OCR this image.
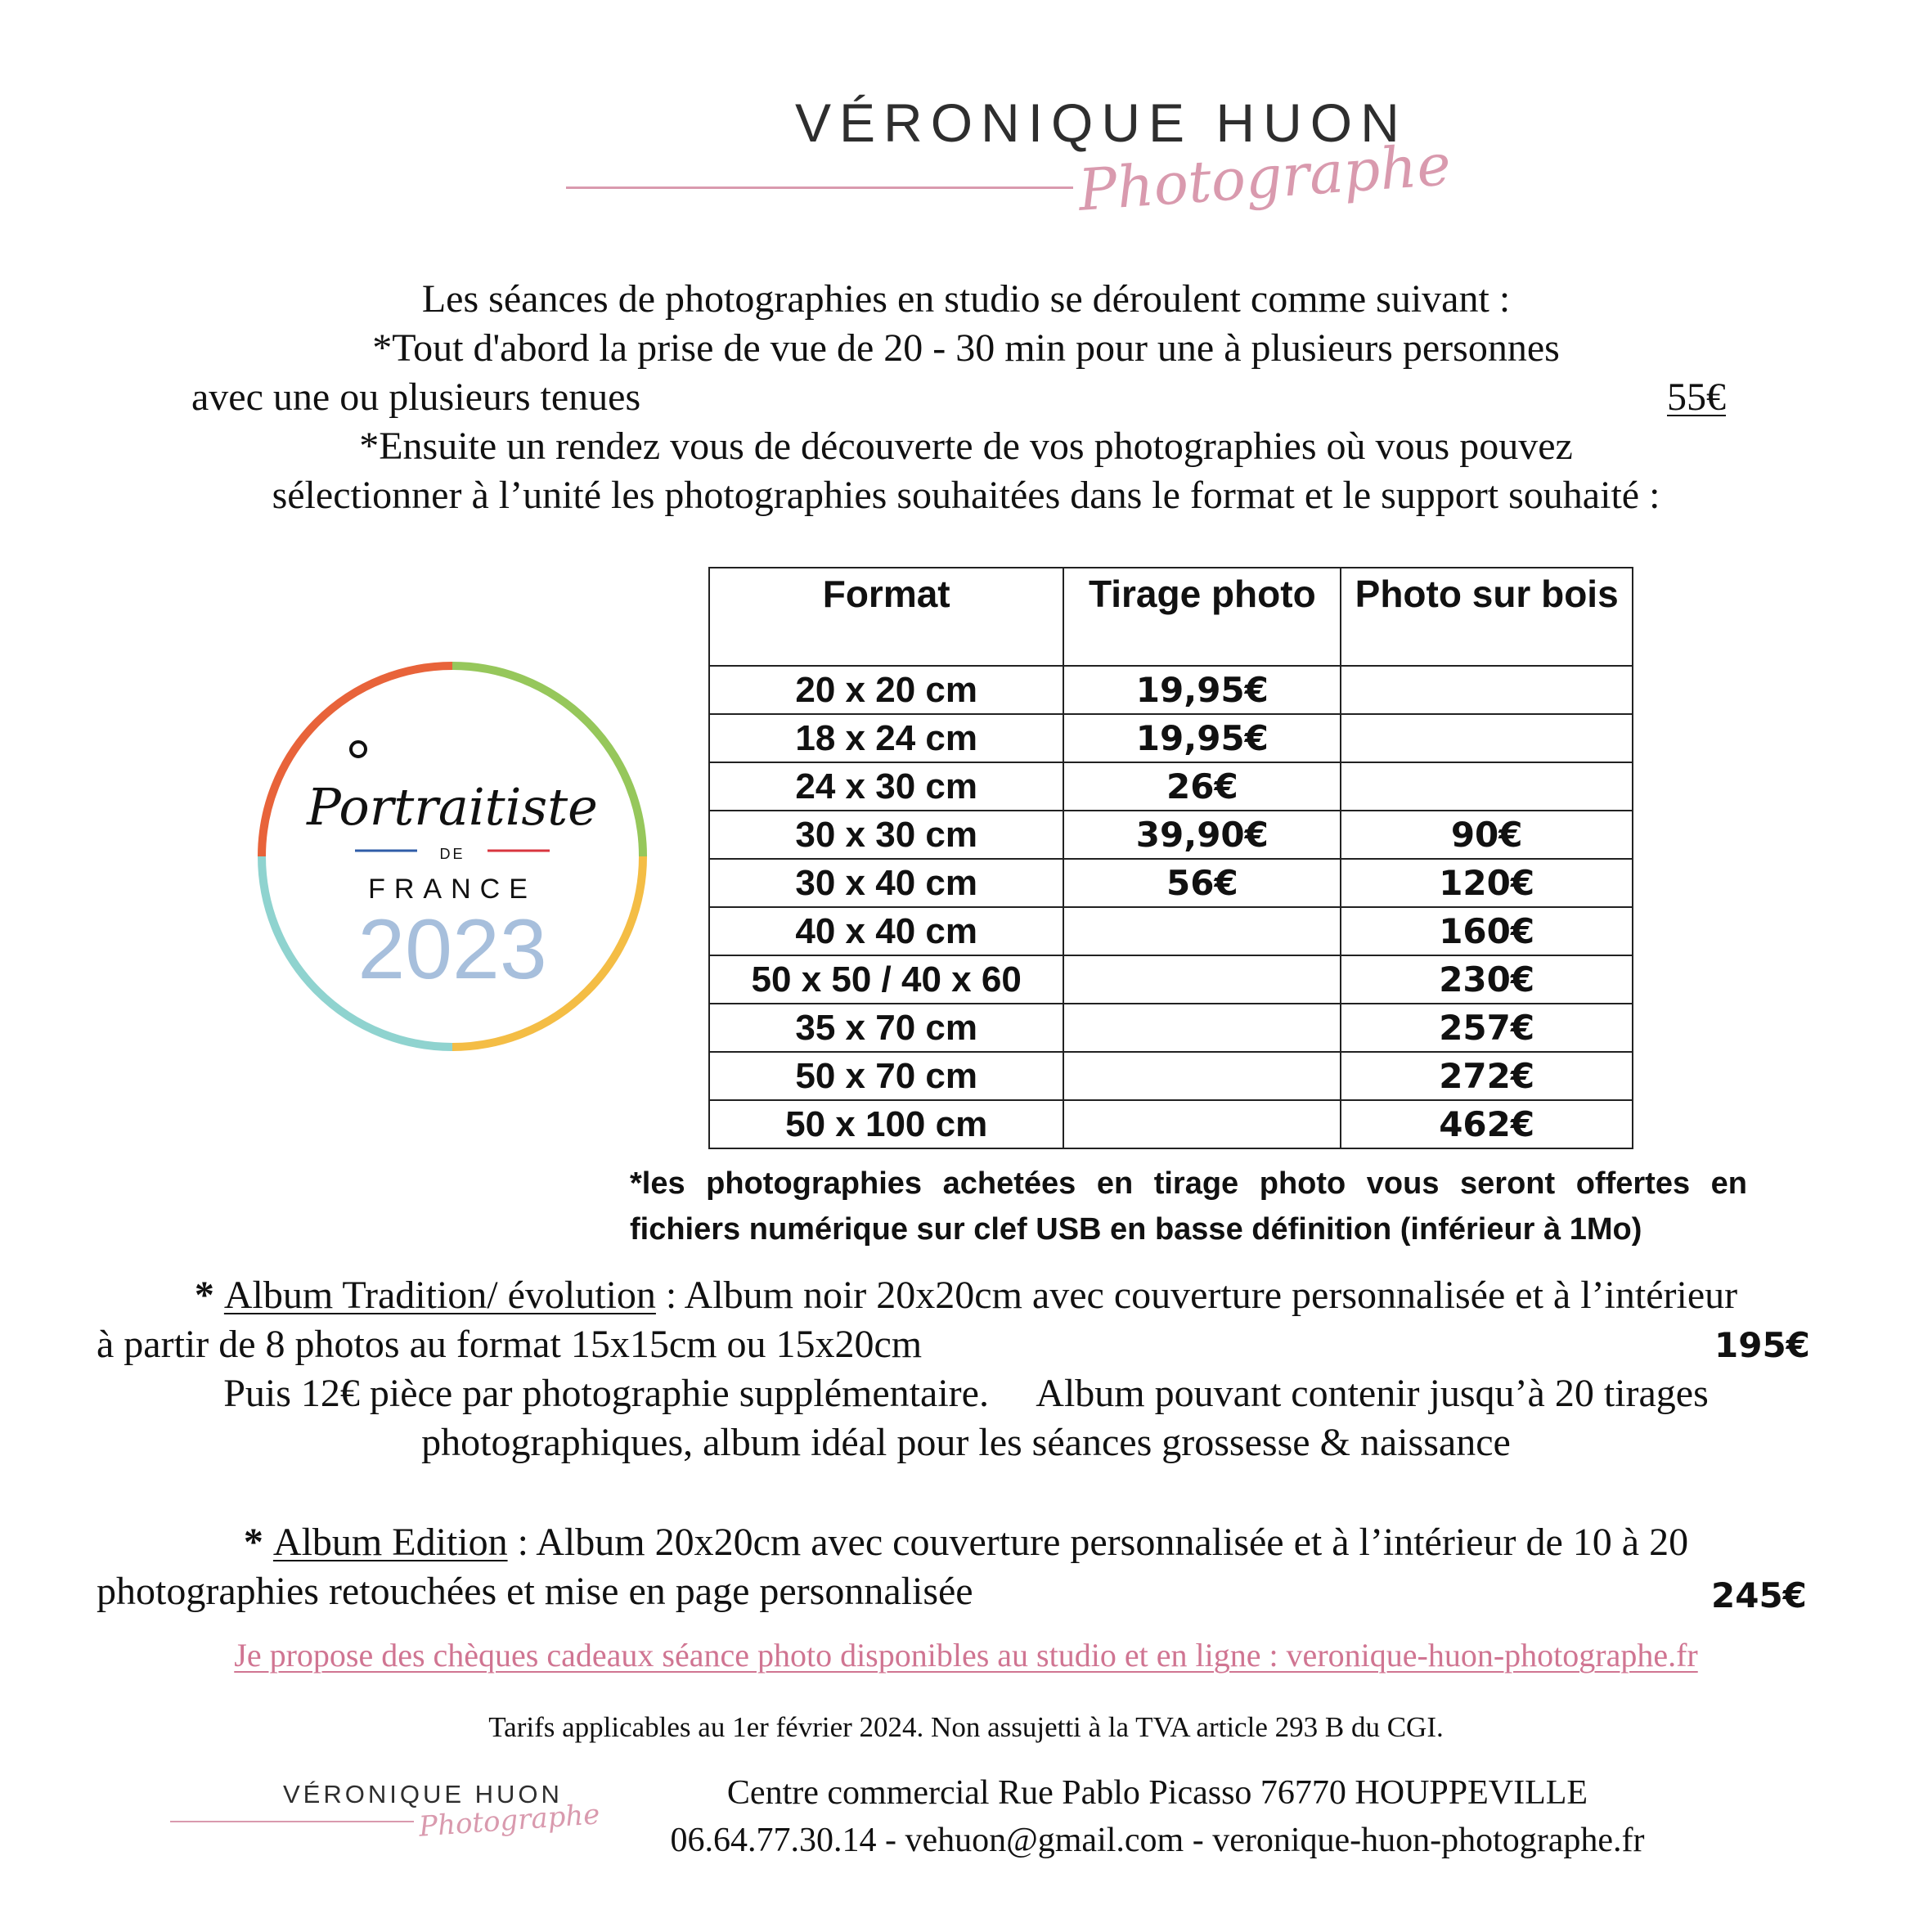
VÉRONIQUE HUON
Photographe
Les séances de photographies en studio se déroulent comme suivant :
*Tout d'abord la prise de vue de 20 - 30 min pour une à plusieurs personnes
avec une ou plusieurs tenues	55€
*Ensuite un rendez vous de découverte de vos photographies où vous pouvez
sélectionner à l’unité les photographies souhaitées dans le format et le support souhaité :
Portraitiste
DE
FRANCE
2023
Format	Tirage photo	Photo sur bois
20 x 20 cm	19,95€	
18 x 24 cm	19,95€	
24 x 30 cm	26€	
30 x 30 cm	39,90€	90€
30 x 40 cm	56€	120€
40 x 40 cm		160€
50 x 50 / 40 x 60		230€
35 x 70 cm		257€
50 x 70 cm		272€
50 x 100 cm		462€
*les photographies achetées en tirage photo vous seront offertes en
fichiers numérique sur clef USB en basse définition (inférieur à 1Mo)
* Album Tradition/ évolution : Album noir 20x20cm avec couverture personnalisée et à l’intérieur
à partir de 8 photos au format 15x15cm ou 15x20cm	195€
Puis 12€ pièce par photographie supplémentaire.     Album pouvant contenir jusqu’à 20 tirages
photographiques, album idéal pour les séances grossesse & naissance
* Album Edition : Album 20x20cm avec couverture personnalisée et à l’intérieur de 10 à 20
photographies retouchées et mise en page personnalisée	245€
Je propose des chèques cadeaux séance photo disponibles au studio et en ligne : veronique-huon-photographe.fr
Tarifs applicables au 1er février 2024. Non assujetti à la TVA article 293 B du CGI.
VÉRONIQUE HUON
Photographe
Centre commercial Rue Pablo Picasso 76770 HOUPPEVILLE
06.64.77.30.14 - vehuon@gmail.com - veronique-huon-photographe.fr
